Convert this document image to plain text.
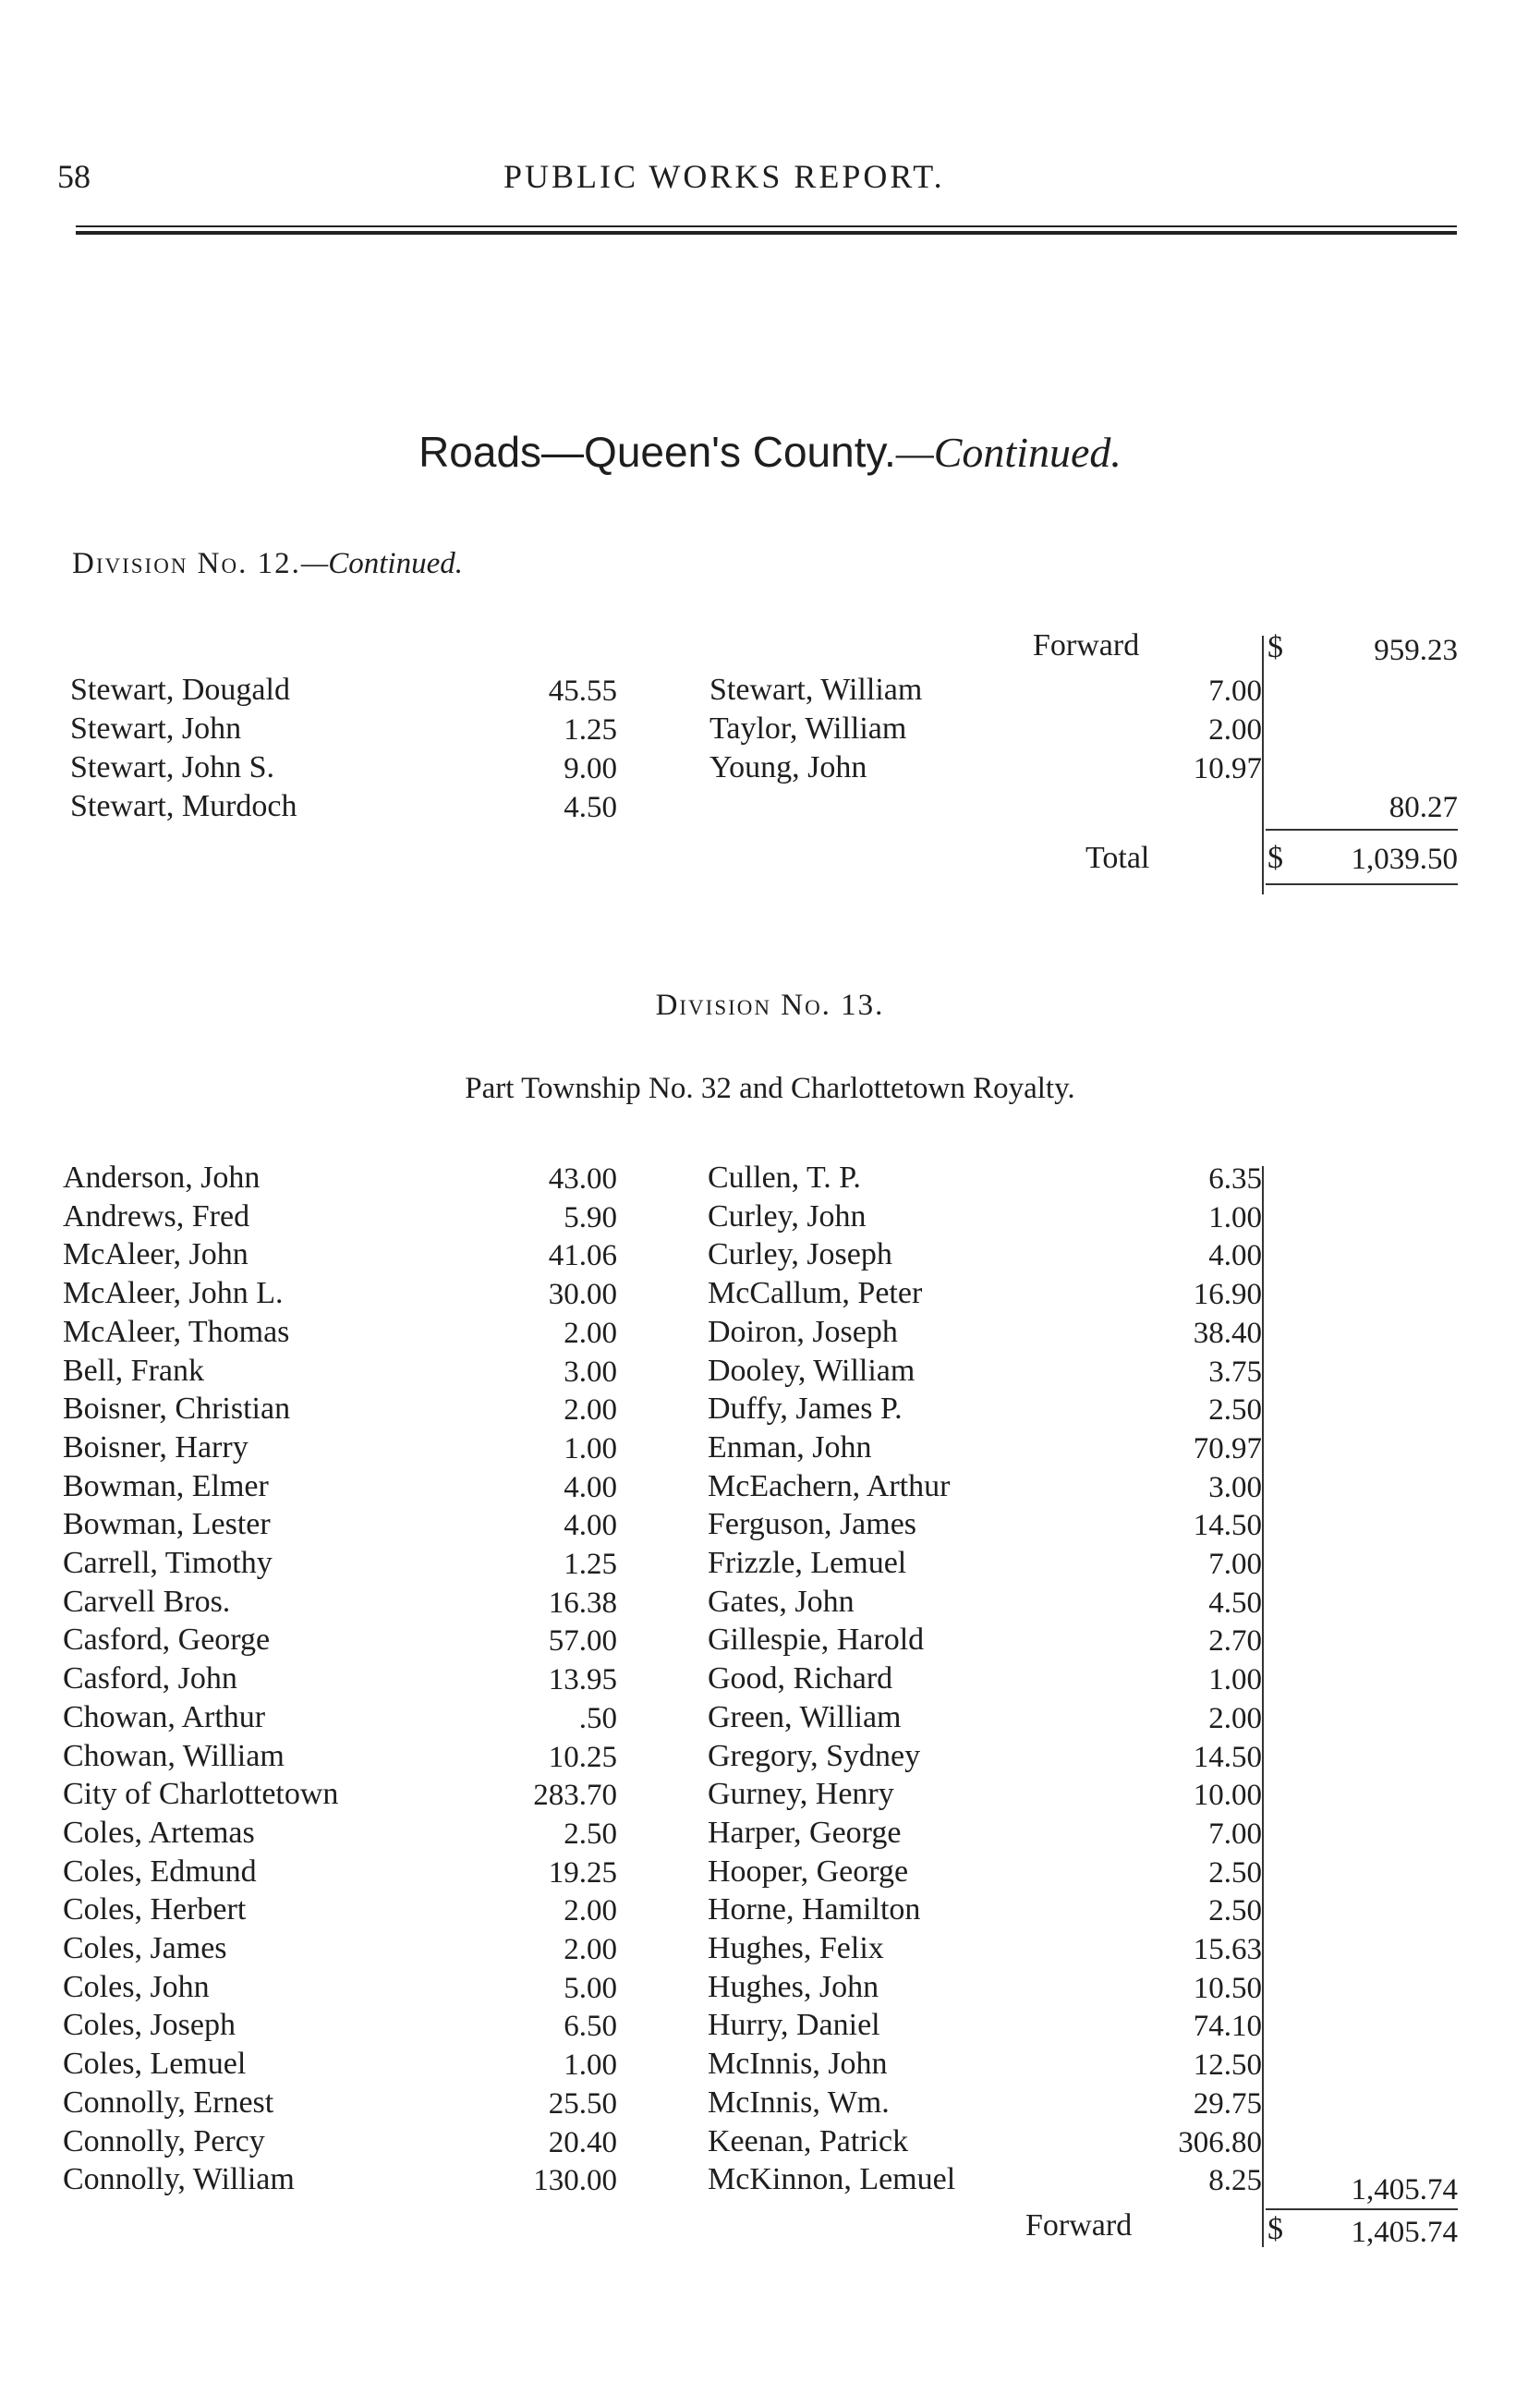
58	PUBLIC WORKS REPORT.
Roads—Queen's County.—Continued.
Division No. 12.—Continued.
Forward	$	959.23
Stewart, Dougald	45.55
Stewart, John	1.25
Stewart, John S.	9.00
Stewart, Murdoch	4.50
Stewart, William	7.00
Taylor, William	2.00
Young, John	10.97
80.27
Total	$	1,039.50
Division No. 13.
Part Township No. 32 and Charlottetown Royalty.
Anderson, John	43.00
Andrews, Fred	5.90
McAleer, John	41.06
McAleer, John L.	30.00
McAleer, Thomas	2.00
Bell, Frank	3.00
Boisner, Christian	2.00
Boisner, Harry	1.00
Bowman, Elmer	4.00
Bowman, Lester	4.00
Carrell, Timothy	1.25
Carvell Bros.	16.38
Casford, George	57.00
Casford, John	13.95
Chowan, Arthur	.50
Chowan, William	10.25
City of Charlottetown	283.70
Coles, Artemas	2.50
Coles, Edmund	19.25
Coles, Herbert	2.00
Coles, James	2.00
Coles, John	5.00
Coles, Joseph	6.50
Coles, Lemuel	1.00
Connolly, Ernest	25.50
Connolly, Percy	20.40
Connolly, William	130.00
Cullen, T. P.	6.35
Curley, John	1.00
Curley, Joseph	4.00
McCallum, Peter	16.90
Doiron, Joseph	38.40
Dooley, William	3.75
Duffy, James P.	2.50
Enman, John	70.97
McEachern, Arthur	3.00
Ferguson, James	14.50
Frizzle, Lemuel	7.00
Gates, John	4.50
Gillespie, Harold	2.70
Good, Richard	1.00
Green, William	2.00
Gregory, Sydney	14.50
Gurney, Henry	10.00
Harper, George	7.00
Hooper, George	2.50
Horne, Hamilton	2.50
Hughes, Felix	15.63
Hughes, John	10.50
Hurry, Daniel	74.10
McInnis, John	12.50
McInnis, Wm.	29.75
Keenan, Patrick	306.80
McKinnon, Lemuel	8.25	1,405.74
Forward	$	1,405.74
